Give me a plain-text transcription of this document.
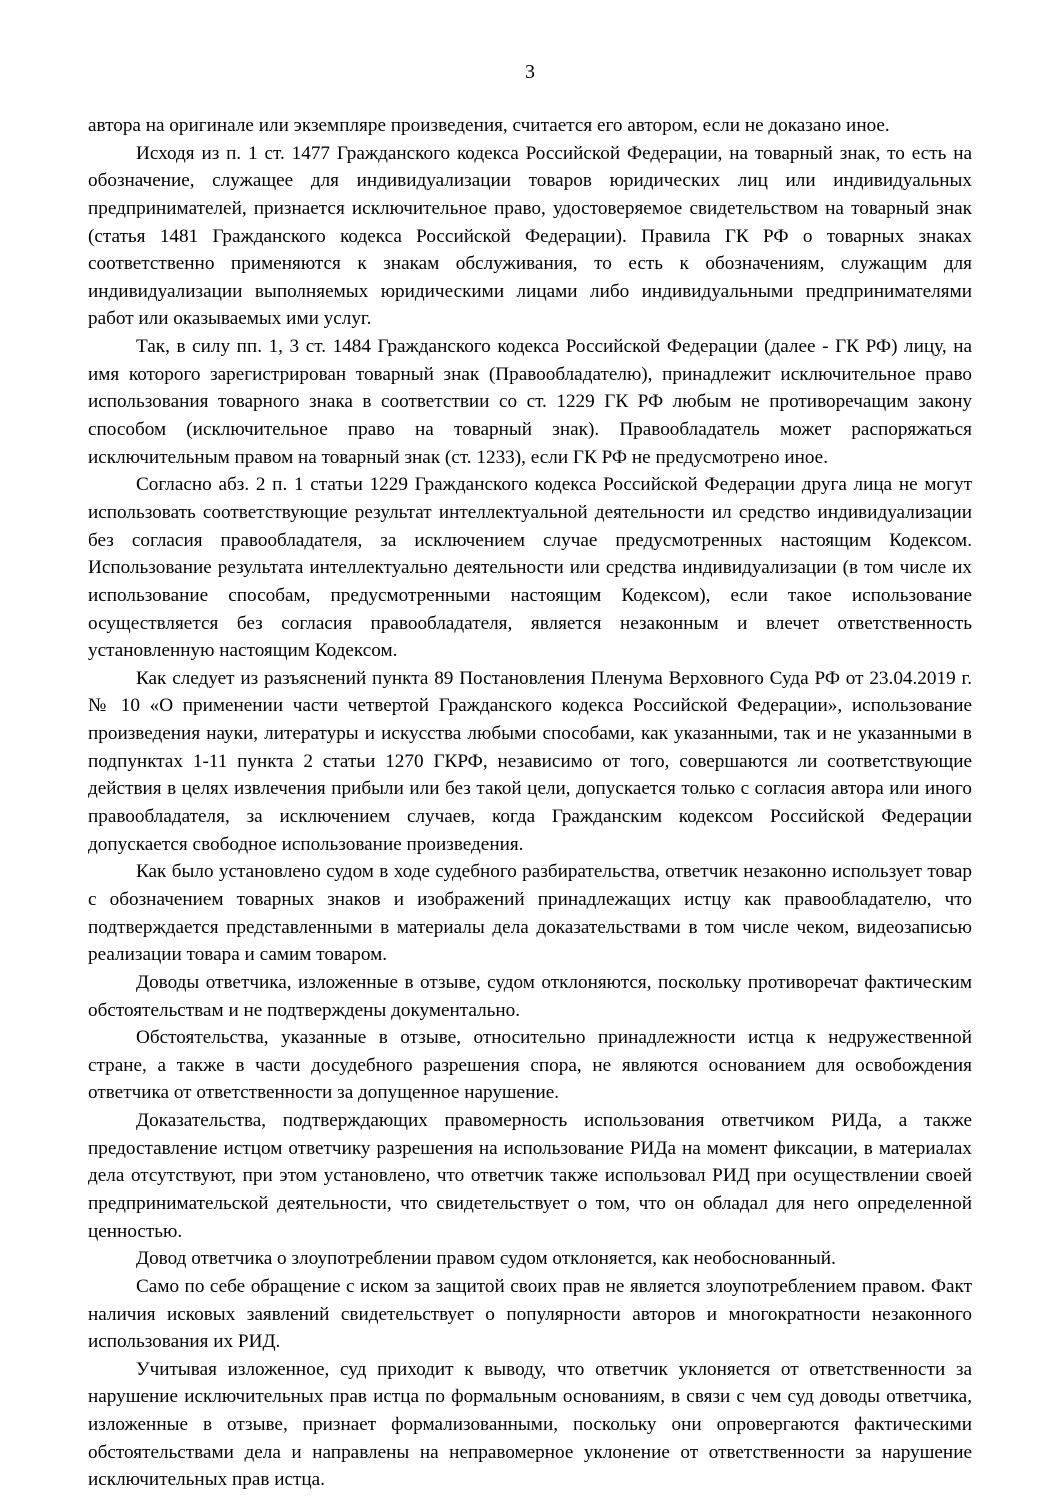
3

автора на оригинале или экземпляре произведения, считается его автором, если не доказано иное.

Исходя из п. 1 ст. 1477 Гражданского кодекса Российской Федерации, на товарный знак, то есть на обозначение, служащее для индивидуализации товаров юридических лиц или индивидуальных предпринимателей, признается исключительное право, удостоверяемое свидетельством на товарный знак (статья 1481 Гражданского кодекса Российской Федерации). Правила ГК РФ о товарных знаках соответственно применяются к знакам обслуживания, то есть к обозначениям, служащим для индивидуализации выполняемых юридическими лицами либо индивидуальными предпринимателями работ или оказываемых ими услуг.

Так, в силу пп. 1, 3 ст. 1484 Гражданского кодекса Российской Федерации (далее - ГК РФ) лицу, на имя которого зарегистрирован товарный знак (Правообладателю), принадлежит исключительное право использования товарного знака в соответствии со ст. 1229 ГК РФ любым не противоречащим закону способом (исключительное право на товарный знак). Правообладатель может распоряжаться исключительным правом на товарный знак (ст. 1233), если ГК РФ не предусмотрено иное.

Согласно абз. 2 п. 1 статьи 1229 Гражданского кодекса Российской Федерации друга лица не могут использовать соответствующие результат интеллектуальной деятельности ил средство индивидуализации без согласия правообладателя, за исключением случае предусмотренных настоящим Кодексом. Использование результата интеллектуально деятельности или средства индивидуализации (в том числе их использование способам, предусмотренными настоящим Кодексом), если такое использование осуществляется без согласия правообладателя, является незаконным и влечет ответственность установленную настоящим Кодексом.

Как следует из разъяснений пункта 89 Постановления Пленума Верховного Суда РФ от 23.04.2019 г. № 10 «О применении части четвертой Гражданского кодекса Российской Федерации», использование произведения науки, литературы и искусства любыми способами, как указанными, так и не указанными в подпунктах 1-11 пункта 2 статьи 1270 ГКРФ, независимо от того, совершаются ли соответствующие действия в целях извлечения прибыли или без такой цели, допускается только с согласия автора или иного правообладателя, за исключением случаев, когда Гражданским кодексом Российской Федерации допускается свободное использование произведения.

Как было установлено судом в ходе судебного разбирательства, ответчик незаконно использует товар с обозначением товарных знаков и изображений принадлежащих истцу как правообладателю, что подтверждается представленными в материалы дела доказательствами в том числе чеком, видеозаписью реализации товара и самим товаром.

Доводы ответчика, изложенные в отзыве, судом отклоняются, поскольку противоречат фактическим обстоятельствам и не подтверждены документально.

Обстоятельства, указанные в отзыве, относительно принадлежности истца к недружественной стране, а также в части досудебного разрешения спора, не являются основанием для освобождения ответчика от ответственности за допущенное нарушение.

Доказательства, подтверждающих правомерность использования ответчиком РИДа, а также предоставление истцом ответчику разрешения на использование РИДа на момент фиксации, в материалах дела отсутствуют, при этом установлено, что ответчик также использовал РИД при осуществлении своей предпринимательской деятельности, что свидетельствует о том, что он обладал для него определенной ценностью.

Довод ответчика о злоупотреблении правом судом отклоняется, как необоснованный.

Само по себе обращение с иском за защитой своих прав не является злоупотреблением правом. Факт наличия исковых заявлений свидетельствует о популярности авторов и многократности незаконного использования их РИД.

Учитывая изложенное, суд приходит к выводу, что ответчик уклоняется от ответственности за нарушение исключительных прав истца по формальным основаниям, в связи с чем суд доводы ответчика, изложенные в отзыве, признает формализованными, поскольку они опровергаются фактическими обстоятельствами дела и направлены на неправомерное уклонение от ответственности за нарушение исключительных прав истца.
